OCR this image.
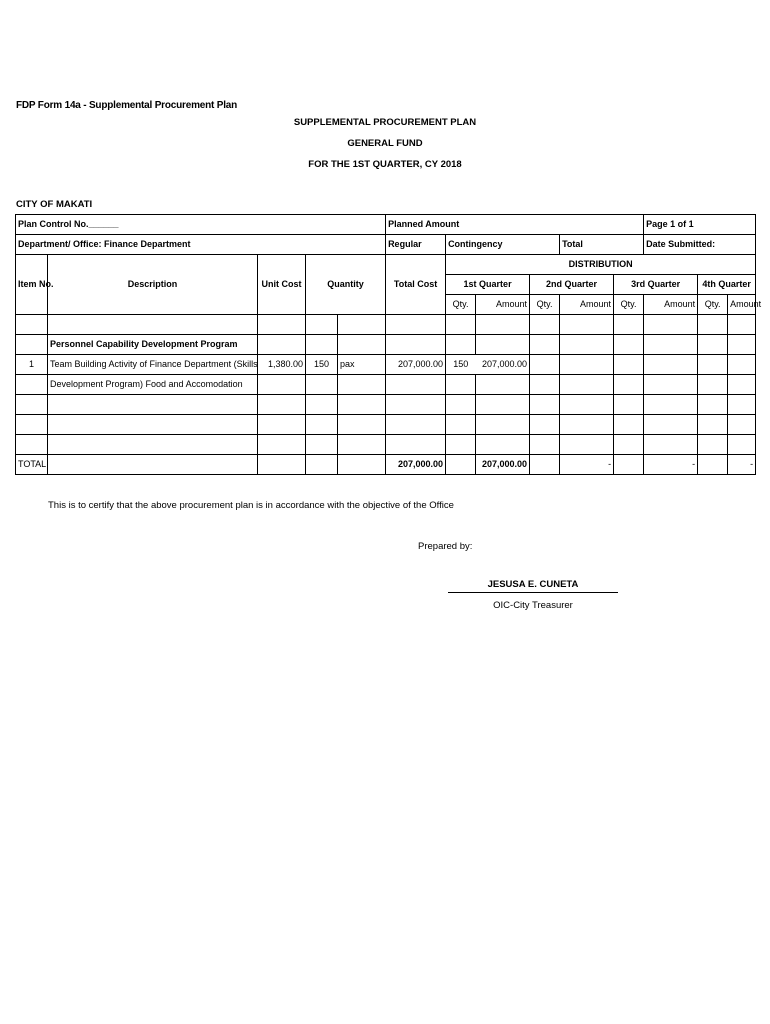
FDP Form 14a - Supplemental Procurement Plan
SUPPLEMENTAL PROCUREMENT PLAN
GENERAL FUND
FOR THE 1ST QUARTER, CY 2018
CITY OF MAKATI
Plan Control No.______					Planned Amount						Page 1 of 1		
Department/ Office: Finance Department					Regular	Contingency			Total		Date Submitted:		
Item No.	Description	Unit Cost	Quantity		Total Cost	DISTRIBUTION							
						1st Quarter		2nd Quarter		3rd Quarter		4th Quarter	
						Qty.	Amount	Qty.	Amount	Qty.	Amount	Qty.	Amount

	Personnel Capability Development Program												
1	Team Building Activity of Finance Department (Skills	1,380.00	150	pax	207,000.00	150	207,000.00						
	Development Program) Food and Accomodation												

TOTAL					207,000.00		207,000.00		-		-		-
This is to certify that the above procurement plan is in accordance with the objective of the Office
Prepared by:
JESUSA E. CUNETA
OIC-City Treasurer
